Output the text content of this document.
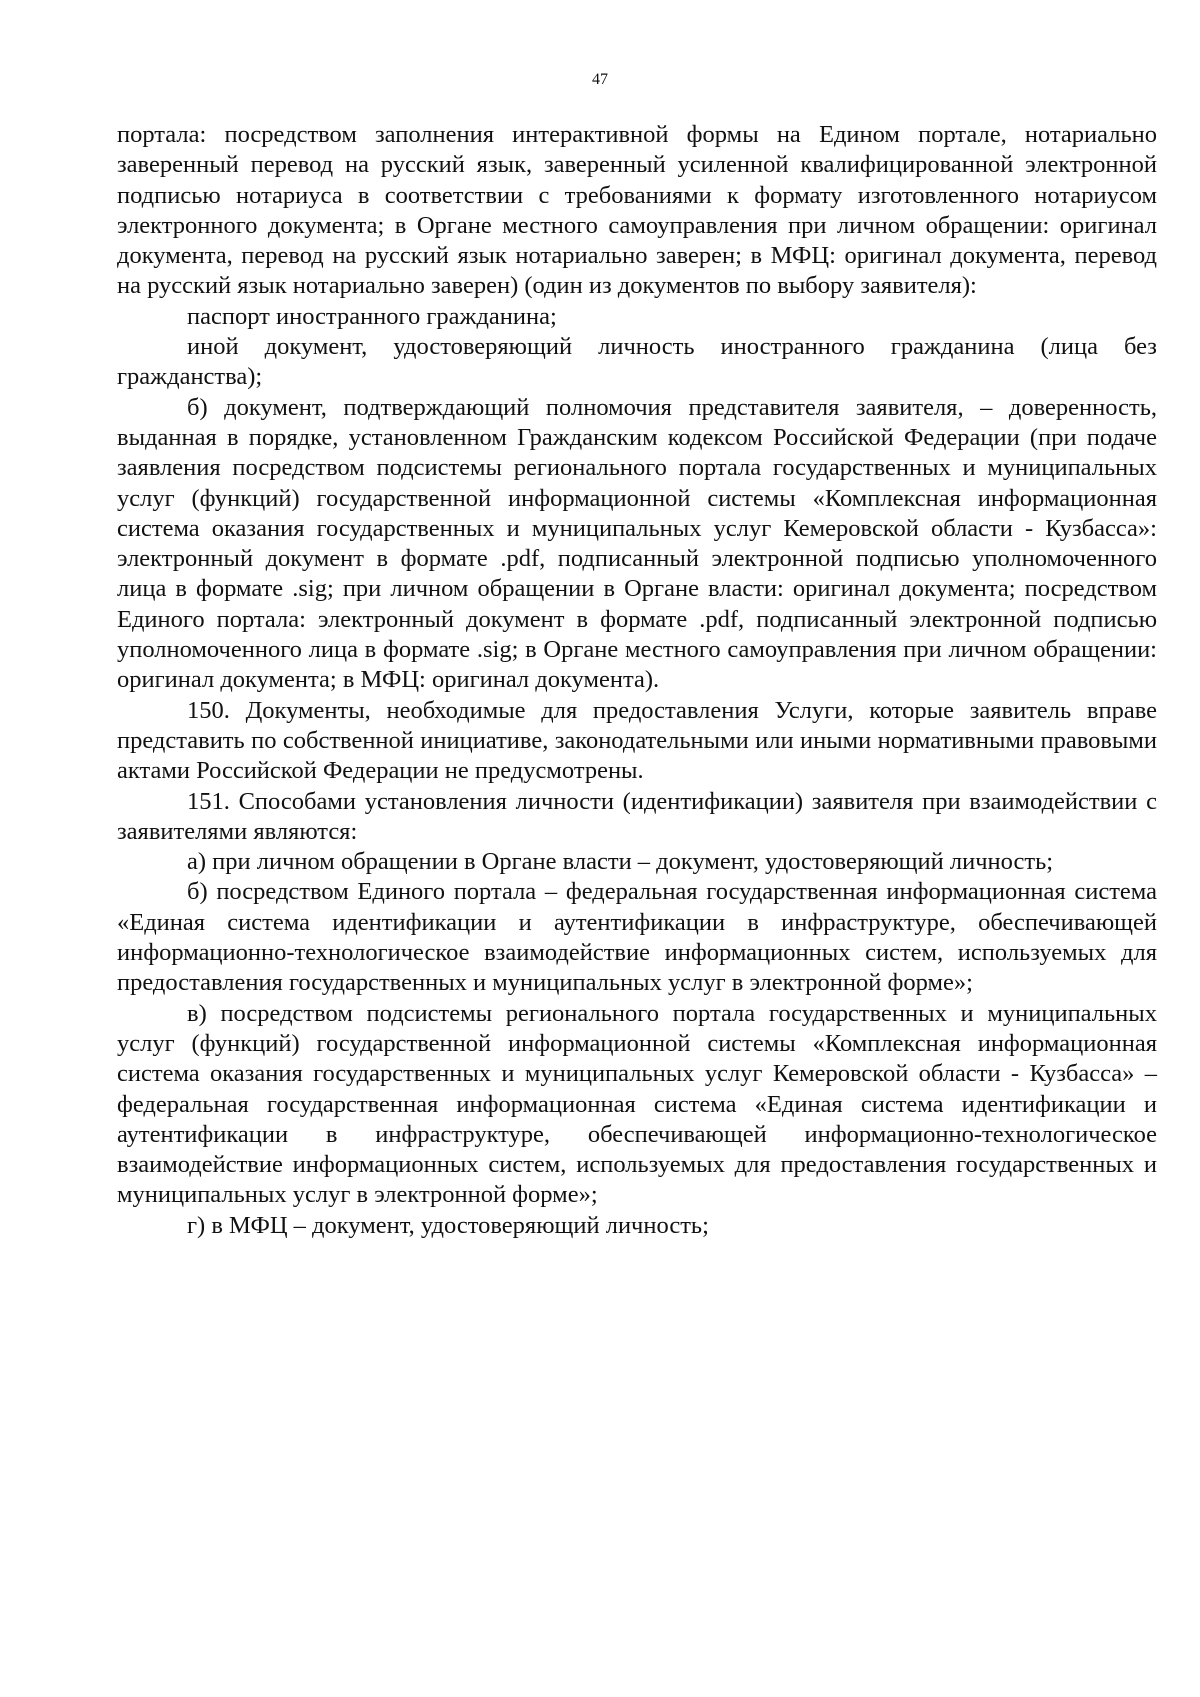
47

портала: посредством заполнения интерактивной формы на Едином портале, нотариально заверенный перевод на русский язык, заверенный усиленной квалифицированной электронной подписью нотариуса в соответствии с требованиями к формату изготовленного нотариусом электронного документа; в Органе местного самоуправления при личном обращении: оригинал документа, перевод на русский язык нотариально заверен; в МФЦ: оригинал документа, перевод на русский язык нотариально заверен) (один из документов по выбору заявителя):

паспорт иностранного гражданина;

иной документ, удостоверяющий личность иностранного гражданина (лица без гражданства);

б) документ, подтверждающий полномочия представителя заявителя, – доверенность, выданная в порядке, установленном Гражданским кодексом Российской Федерации (при подаче заявления посредством подсистемы регионального портала государственных и муниципальных услуг (функций) государственной информационной системы «Комплексная информационная система оказания государственных и муниципальных услуг Кемеровской области - Кузбасса»: электронный документ в формате .pdf, подписанный электронной подписью уполномоченного лица в формате .sig; при личном обращении в Органе власти: оригинал документа; посредством Единого портала: электронный документ в формате .pdf, подписанный электронной подписью уполномоченного лица в формате .sig; в Органе местного самоуправления при личном обращении: оригинал документа; в МФЦ: оригинал документа).

150. Документы, необходимые для предоставления Услуги, которые заявитель вправе представить по собственной инициативе, законодательными или иными нормативными правовыми актами Российской Федерации не предусмотрены.

151. Способами установления личности (идентификации) заявителя при взаимодействии с заявителями являются:

а) при личном обращении в Органе власти – документ, удостоверяющий личность;

б) посредством Единого портала – федеральная государственная информационная система «Единая система идентификации и аутентификации в инфраструктуре, обеспечивающей информационно-технологическое взаимодействие информационных систем, используемых для предоставления государственных и муниципальных услуг в электронной форме»;

в) посредством подсистемы регионального портала государственных и муниципальных услуг (функций) государственной информационной системы «Комплексная информационная система оказания государственных и муниципальных услуг Кемеровской области - Кузбасса» – федеральная государственная информационная система «Единая система идентификации и аутентификации в инфраструктуре, обеспечивающей информационно-технологическое взаимодействие информационных систем, используемых для предоставления государственных и муниципальных услуг в электронной форме»;

г) в МФЦ – документ, удостоверяющий личность;
